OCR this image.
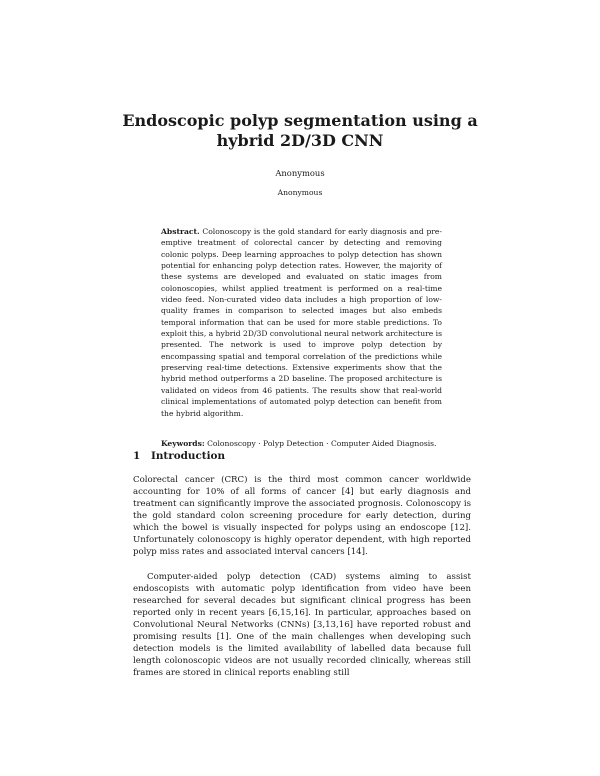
Endoscopic polyp segmentation using a hybrid 2D/3D CNN
Anonymous
Anonymous
Abstract. Colonoscopy is the gold standard for early diagnosis and pre-emptive treatment of colorectal cancer by detecting and removing colonic polyps. Deep learning approaches to polyp detection has shown potential for enhancing polyp detection rates. However, the majority of these systems are developed and evaluated on static images from colonoscopies, whilst applied treatment is performed on a real-time video feed. Non-curated video data includes a high proportion of low-quality frames in comparison to selected images but also embeds temporal information that can be used for more stable predictions. To exploit this, a hybrid 2D/3D convolutional neural network architecture is presented. The network is used to improve polyp detection by encompassing spatial and temporal correlation of the predictions while preserving real-time detections. Extensive experiments show that the hybrid method outperforms a 2D baseline. The proposed architecture is validated on videos from 46 patients. The results show that real-world clinical implementations of automated polyp detection can benefit from the hybrid algorithm.
Keywords: Colonoscopy · Polyp Detection · Computer Aided Diagnosis.
1 Introduction
Colorectal cancer (CRC) is the third most common cancer worldwide accounting for 10% of all forms of cancer [4] but early diagnosis and treatment can significantly improve the associated prognosis. Colonoscopy is the gold standard colon screening procedure for early detection, during which the bowel is visually inspected for polyps using an endoscope [12]. Unfortunately colonoscopy is highly operator dependent, with high reported polyp miss rates and associated interval cancers [14].
Computer-aided polyp detection (CAD) systems aiming to assist endoscopists with automatic polyp identification from video have been researched for several decades but significant clinical progress has been reported only in recent years [6,15,16]. In particular, approaches based on Convolutional Neural Networks (CNNs) [3,13,16] have reported robust and promising results [1]. One of the main challenges when developing such detection models is the limited availability of labelled data because full length colonoscopic videos are not usually recorded clinically, whereas still frames are stored in clinical reports enabling still
